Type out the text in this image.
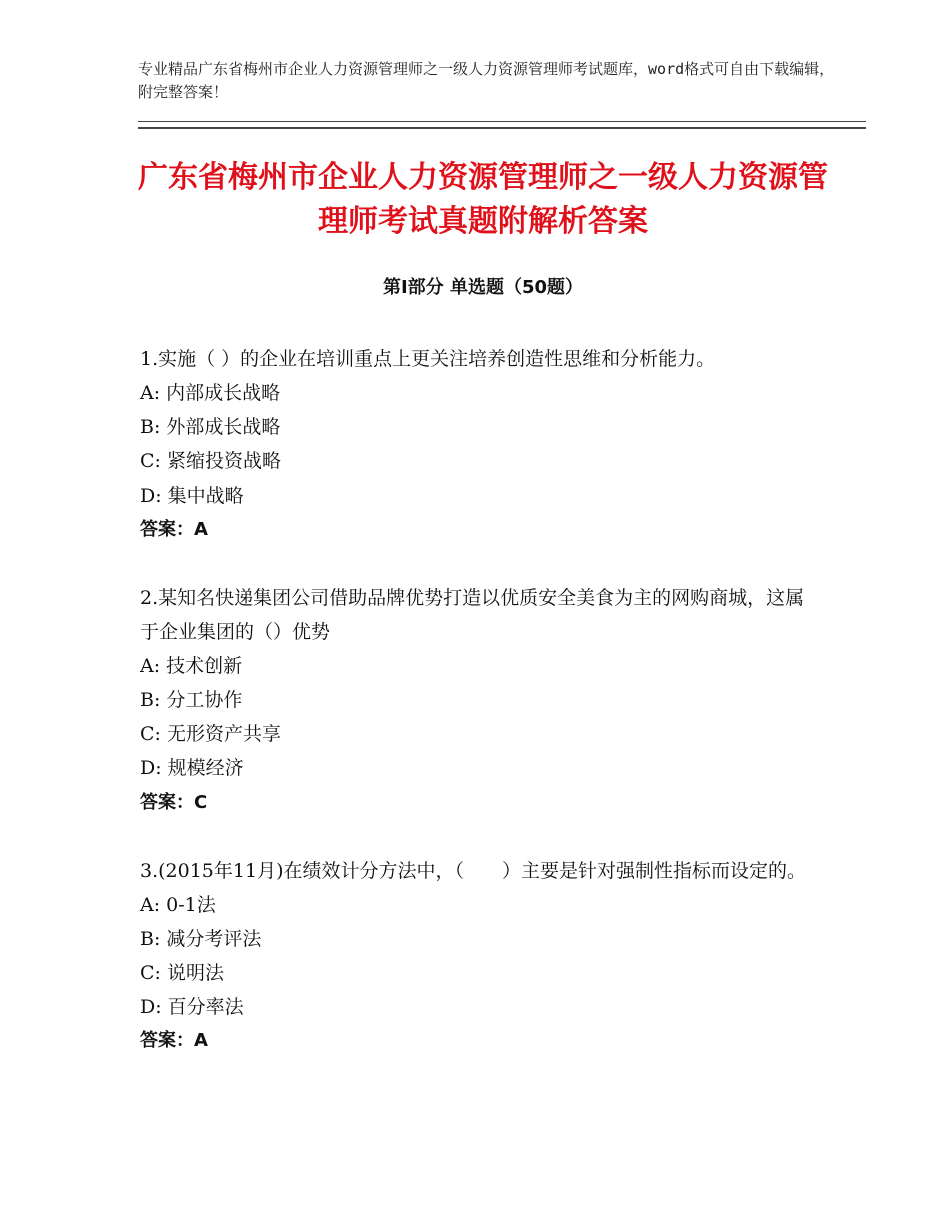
专业精品广东省梅州市企业人力资源管理师之一级人力资源管理师考试题库，word格式可自由下载编辑，附完整答案！
广东省梅州市企业人力资源管理师之一级人力资源管理师考试真题附解析答案
第Ⅰ部分 单选题（50题）

1.实施（ ）的企业在培训重点上更关注培养创造性思维和分析能力。

A: 内部成长战略

B: 外部成长战略

C: 紧缩投资战略

D: 集中战略

答案：A

2.某知名快递集团公司借助品牌优势打造以优质安全美食为主的网购商城，这属于企业集团的（）优势

A: 技术创新

B: 分工协作

C: 无形资产共享

D: 规模经济

答案：C

3.(2015年11月)在绩效计分方法中，（　　）主要是针对强制性指标而设定的。

A: 0-1法

B: 减分考评法

C: 说明法

D: 百分率法

答案：A
